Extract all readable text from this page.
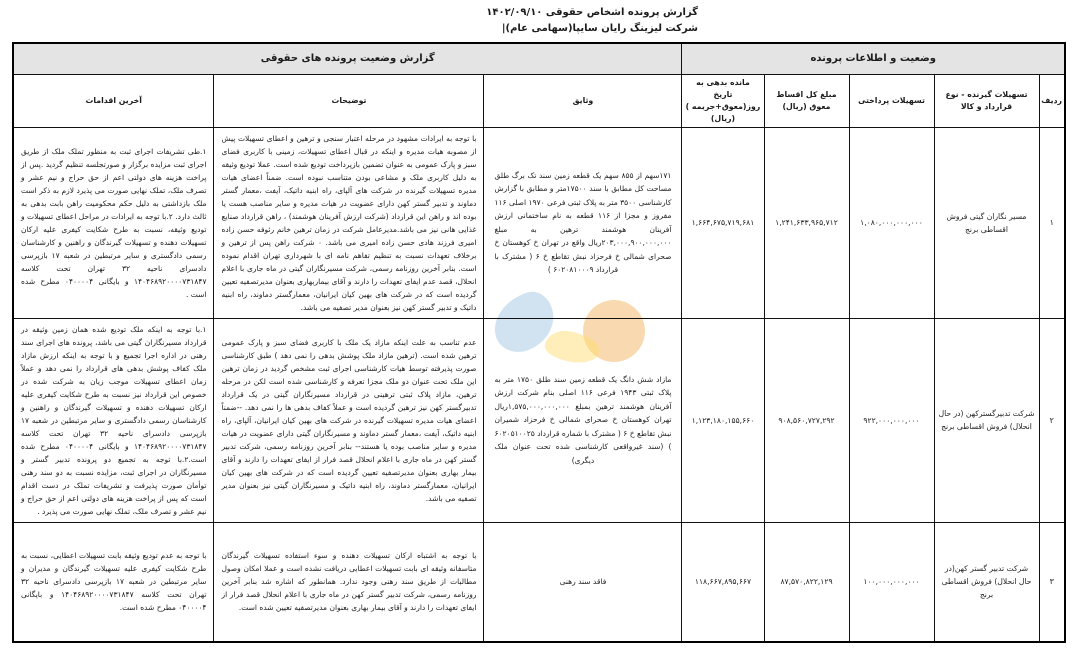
گزارش پرونده اشخاص حقوقی ۱۴۰۲/۰۹/۱۰
شرکت لیزینگ رایان سایپا(سهامی عام)|
وضعیت و اطلاعات پرونده					گزارش وضعیت پرونده های حقوقی		
ردیف	تسهیلات گیرنده - نوع قرارداد و کالا	تسهیلات پرداختی	مبلغ کل اقساط معوق (ریال)	مانده بدهی به تاریخ روز(معوق+جریمه ) (ریال)	وثایق	توضیحات	آخرین اقدامات
۱	مسیر نگاران گیتی فروش اقساطی برنج	۱,۰۸۰,۰۰۰,۰۰۰,۰۰۰	۱,۲۴۱,۶۳۳,۹۶۵,۷۱۲	۱,۶۶۴,۶۷۵,۷۱۹,۶۸۱	۱۷۱سهم از ۸۵۵ سهم یک قطعه زمین سند تک برگ طلق مساحت کل مطابق با سند ۱۷۵۰۰متر و مطابق با گزارش کارشناسی ۳۵۰۰ متر به پلاک ثبتی فرعی ۱۹۷۰ اصلی ۱۱۶ مفروز و مجزا از ۱۱۶ قطعه به نام ساختمانی ارزش آفرینان هوشمند ترهین به مبلغ ۲۰۳,۰۰۰,۹۰۰,۰۰۰,۰۰۰ریال واقع در تهران خ کوهستان خ صحرای شمالی خ فرحزاد نبش تقاطع خ ۶ ( مشترک با قرارداد ۶۰۲۰۸۱۰۰۰۹ )	با توجه به ایرادات مشهود در مرحله اعتبار سنجی و ترهین و اعطای تسهیلات پیش از مصوبه هیات مدیره و اینکه در قبال اعطای تسهیلات، زمینی با کاربری فضای سبز و پارک عمومی به عنوان تضمین بازپرداخت تودیع شده است. عملا تودیع وثیقه به دلیل کاربری ملک و مشاعی بودن متناسب نبوده است. ضمناً اعضای هیات مدیره تسهیلات گیرنده در شرکت های آلپای، راه ابنیه داتیک، آیفت ،معمار گستر دماوند و تدبیر گستر کهن دارای عضویت در هیات مدیره و سایر مناصب هست یا بوده اند و راهن این قرارداد (شرکت ارزش آفرینان هوشمند) ، راهن قرارداد صنایع غذایی هانی نیز می باشد.مدیرعامل شرکت در زمان ترهین خانم رئوفه حسن زاده امیری فرزند هادی حسن زاده امیری می باشد. ۰ شرکت راهن پس از ترهین و برخلاف تعهدات نسبت به تنظیم تفاهم نامه ای با شهرداری تهران اقدام نموده است. بنابر آخرین روزنامه رسمی، شرکت مسیرنگاران گیتی در ماه جاری با اعلام انحلال، قصد عدم ایفای تعهدات را دارند و آقای بیماربهاری بعنوان مدیرتصفیه تعیین گردیده است که در شرکت های بهین کیان ایرانیان، معمارگستر دماوند، راه ابنیه داتیک و تدبیر گستر کهن نیز بعنوان مدیر تصفیه می باشد.	۱.طی تشریفات اجرای ثبت به منظور تملک ملک از طریق اجرای ثبت مزایده برگزار و صورتجلسه تنظیم گردید .پس از پراخت هزینه های دولتی اعم از حق حراج و نیم عشر و تصرف ملک، تملک نهایی صورت می پذیرد لازم به ذکر است ملک بازداشتی به دلیل حکم محکومیت راهن بابت بدهی به ثالث دارد. ۲.با توجه به ایرادات در مراحل اعطای تسهیلات و تودیع وثیقه، نسبت به طرح شکایت کیفری علیه ارکان تسهیلات دهنده و تسهیلات گیرندگان و راهنین و کارشناسان رسمی دادگستری و سایر مرتبطین در شعبه ۱۷ بازپرسی دادسرای ناحیه ۳۲ تهران تحت کلاسه ۱۴۰۴۶۸۹۲۰۰۰۰۷۳۱۸۴۷ و بایگانی ۰۴۰۰۰۰۴ مطرح شده است .
۲	شرکت تدبیرگسترکهن (در حال انحلال) فروش اقساطی برنج	۹۲۲,۰۰۰,۰۰۰,۰۰۰	۹۰۸,۵۶۰,۷۲۷,۲۹۲	۱,۱۲۳,۱۸۰,۱۵۵,۶۶۰	مازاد شش دانگ یک قطعه زمین سند طلق ۱۷۵۰ متر به پلاک ثبتی ۱۹۴۳ فرعی ۱۱۶ اصلی بنام شرکت ارزش آفرینان هوشمند ترهین بمبلغ ۱,۵۷۵,۰۰۰,۰۰۰,۰۰۰ریال تهران کوهستان خ صحرای شمالی خ فرحزاد شمیران نبش تقاطع خ ۶ ( مشترک با شماره قرارداد ۶۰۲۰۵۱۰۰۲۵ ) (سند غیرواقعی کارشناسی شده تحت عنوان ملک دیگری)	عدم تناسب به علت اینکه مازاد یک ملک با کاربری فضای سبز و پارک عمومی ترهین شده است. (ترهین مازاد ملک پوشش بدهی را نمی دهد ) طبق کارشناسی صورت پذیرفته توسط هیات کارشناسی اجرای ثبت مشخص گردید در زمان ترهین این ملک تحت عنوان دو ملک مجزا تعرفه و کارشناسی شده است لکن در مرحله ترهین، مازاد پلاک ثبتی ترهینی در قرارداد مسیرنگاران گیتی در یک قرارداد تدبیرگستر کهن نیز ترهین گردیده است و عملاً کفاف بدهی ها را نمی دهد. --ضمناً اعضای هیات مدیره تسهیلات گیرنده در شرکت های بهین کیان ایرانیان، آلپای، راه ابنیه داتیک، آیفت ،معمار گستر دماوند و مسیرنگاران گیتی دارای عضویت در هیات مدیره و سایر مناصب بوده یا هستند-- بنابر آخرین روزنامه رسمی، شرکت تدبیر گستر کهن در ماه جاری با اعلام انحلال قصد فرار از ایفای تعهدات را دارند و آقای بیمار بهاری بعنوان مدیرتصفیه تعیین گردیده است که در شرکت های بهین کیان ایرانیان، معمارگستر دماوند، راه ابنیه داتیک و مسیرنگاران گیتی نیز بعنوان مدیر تصفیه می باشد.	۱.با توجه به اینکه ملک تودیع شده همان زمین وثیقه در قرارداد مسیرنگاران گیتی می باشد، پرونده های اجرای سند رهنی در اداره اجرا تجمیع و با توجه به اینکه ارزش مازاد ملک کفاف پوشش بدهی های قرارداد را نمی دهد و عملاً زمان اعطای تسهیلات موجب زیان به شرکت شده در خصوص این قرارداد نیز نسبت به طرح شکایت کیفری علیه ارکان تسهیلات دهنده و تسهیلات گیرندگان و راهنین و کارشناسان رسمی دادگستری و سایر مرتبطین در شعبه ۱۷ بازپرسی دادسرای ناحیه ۳۲ تهران تحت کلاسه ۱۴۰۴۶۸۹۲۰۰۰۰۷۳۱۸۴۷ و بایگانی ۰۴۰۰۰۰۴ مطرح شده است.۲.با توجه به تجمیع دو پرونده تدبیر گستر و مسیرنگاران در اجرای ثبت، مزایده نسبت به دو سند رهنی توأمان صورت پذیرفت و تشریفات تملک در دست اقدام است که پس از پراخت هزینه های دولتی اعم از حق حراج و نیم عشر و تصرف ملک، تملک نهایی صورت می پذیرد .
۳	شرکت تدبیر گستر کهن(در حال انحلال) فروش اقساطی برنج	۱۰۰,۰۰۰,۰۰۰,۰۰۰	۸۷,۵۷۰,۸۲۲,۱۲۹	۱۱۸,۶۶۷,۸۹۵,۶۶۷	فاقد سند رهنی	با توجه به اشتباه ارکان تسهیلات دهنده و سوء استفاده تسهیلات گیرندگان متاسفانه وثیقه ای بابت تسهیلات اعطایی دریافت نشده است و عملا امکان وصول مطالبات از طریق سند رهنی وجود ندارد. همانطور که اشاره شد بنابر آخرین روزنامه رسمی، شرکت تدبیر گستر کهن در ماه جاری با اعلام انحلال قصد فرار از ایفای تعهدات را دارند و آقای بیمار بهاری بعنوان مدیرتصفیه تعیین شده است.	با توجه به عدم تودیع وثیقه بابت تسهیلات اعطایی، نسبت به طرح شکایت کیفری علیه تسهیلات گیرندگان و مدیران و سایر مرتبطین در شعبه ۱۷ بازپرسی دادسرای ناحیه ۳۲ تهران تحت کلاسه ۱۴۰۴۶۸۹۲۰۰۰۰۷۳۱۸۴۷ و بایگانی ۰۴۰۰۰۰۴ مطرح شده است.
